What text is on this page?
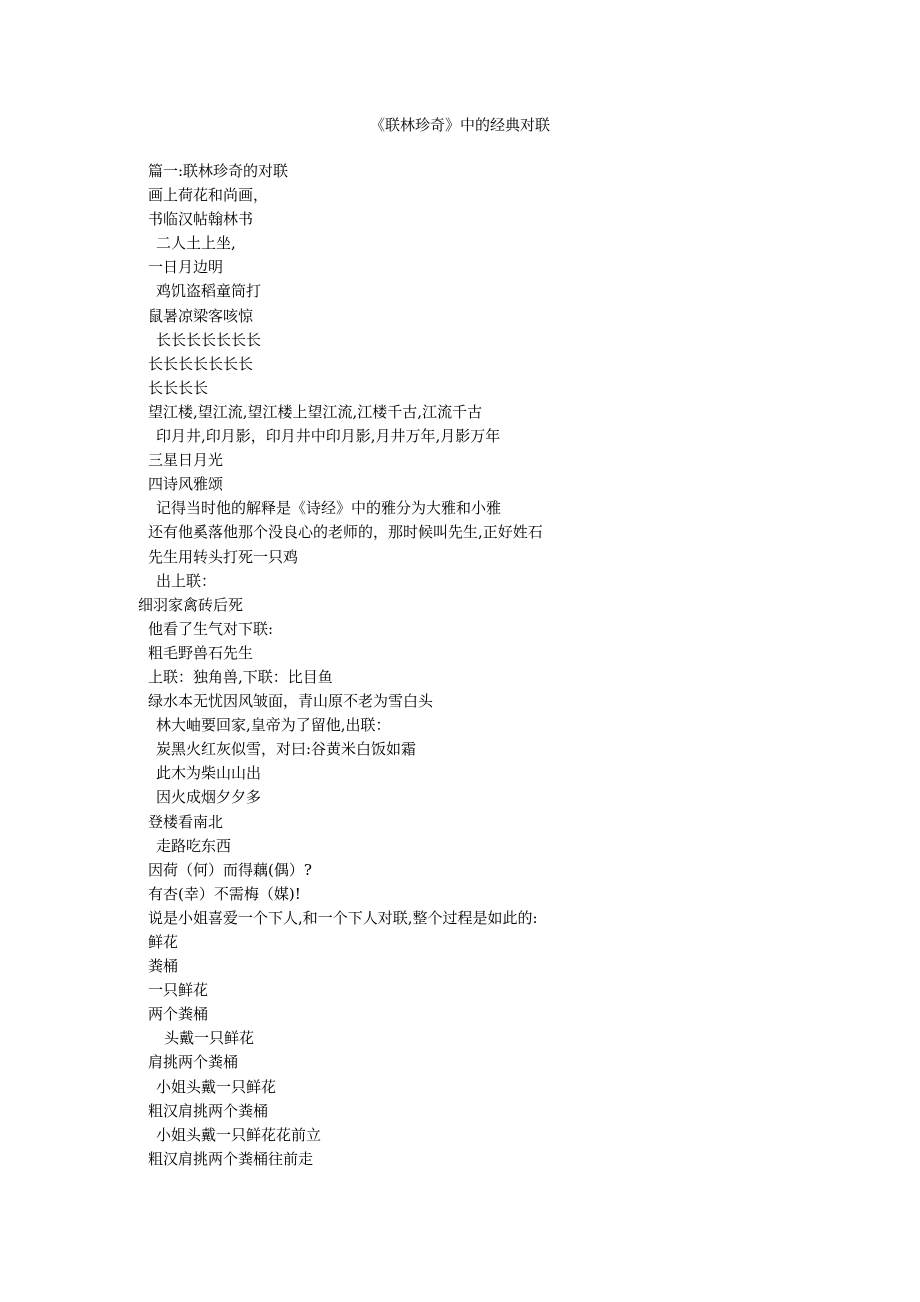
《联林珍奇》中的经典对联
篇一:联林珍奇的对联
画上荷花和尚画，
书临汉帖翰林书
二人土上坐,
一日月边明
鸡饥盗稻童筒打
鼠暑凉梁客咳惊
长长长长长长长
长长长长长长长
长长长长
望江楼,望江流,望江楼上望江流,江楼千古,江流千古
印月井,印月影，印月井中印月影,月井万年,月影万年
三星日月光
四诗风雅颂
记得当时他的解释是《诗经》中的雅分为大雅和小雅
还有他奚落他那个没良心的老师的，那时候叫先生,正好姓石
先生用转头打死一只鸡
出上联：
细羽家禽砖后死
他看了生气对下联:
粗毛野兽石先生
上联：独角兽,下联：比目鱼
绿水本无忧因风皱面，青山原不老为雪白头
林大岫要回家,皇帝为了留他,出联：
炭黑火红灰似雪，对曰:谷黄米白饭如霜
此木为柴山山出
因火成烟夕夕多
登楼看南北
走路吃东西
因荷（何）而得藕(偶）?
有杏(幸）不需梅（媒)!
说是小姐喜爱一个下人,和一个下人对联,整个过程是如此的:
鲜花
粪桶
一只鲜花
两个粪桶
头戴一只鲜花
肩挑两个粪桶
小姐头戴一只鲜花
粗汉肩挑两个粪桶
小姐头戴一只鲜花花前立
粗汉肩挑两个粪桶往前走
